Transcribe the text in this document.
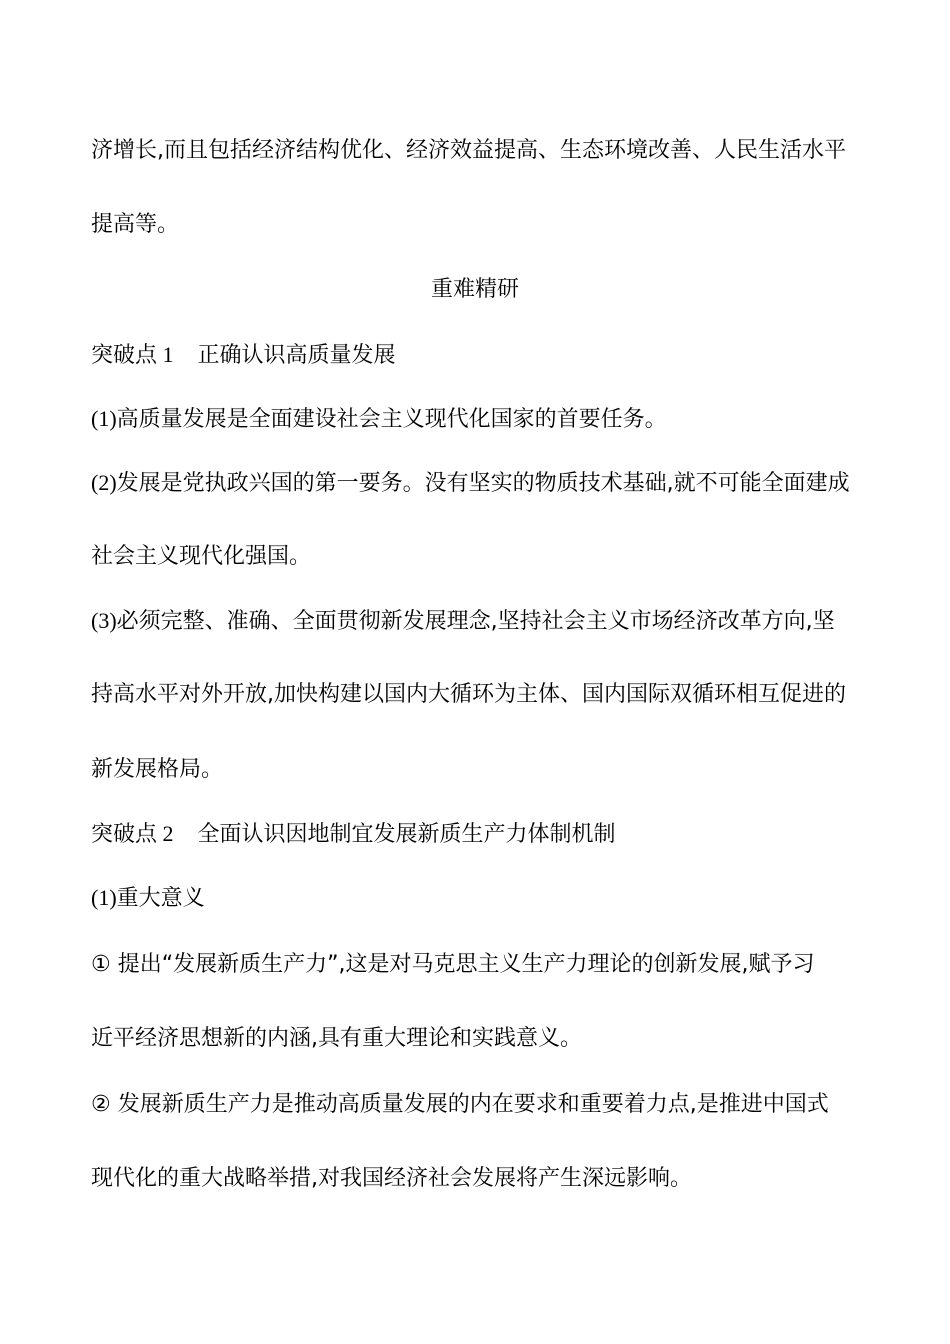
济增长,而且包括经济结构优化、经济效益提高、生态环境改善、人民生活水平
提高等。
重难精研
突破点 1 正确认识高质量发展
(1)高质量发展是全面建设社会主义现代化国家的首要任务。
(2)发展是党执政兴国的第一要务。没有坚实的物质技术基础,就不可能全面建成
社会主义现代化强国。
(3)必须完整、准确、全面贯彻新发展理念,坚持社会主义市场经济改革方向,坚
持高水平对外开放,加快构建以国内大循环为主体、国内国际双循环相互促进的
新发展格局。
突破点 2 全面认识因地制宜发展新质生产力体制机制
(1)重大意义
① 提出“发展新质生产力”,这是对马克思主义生产力理论的创新发展,赋予习
近平经济思想新的内涵,具有重大理论和实践意义。
② 发展新质生产力是推动高质量发展的内在要求和重要着力点,是推进中国式
现代化的重大战略举措,对我国经济社会发展将产生深远影响。
